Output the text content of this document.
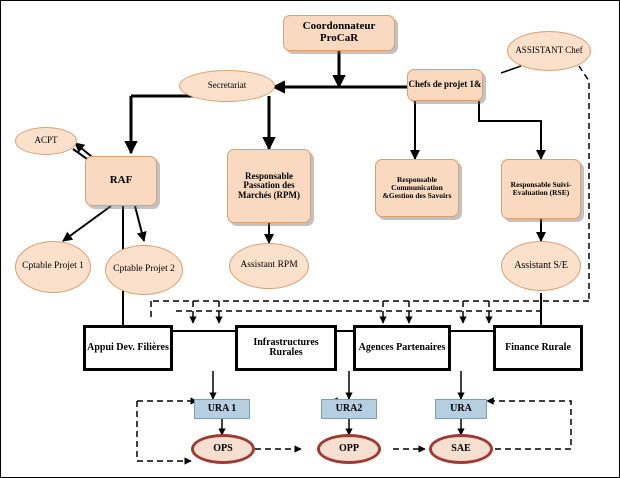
Coordonnateur ProCaR
ASSISTANT Chef
Secretariat	Chefs de projet 1&
ACPT
RAF	Responsable Passation des Marchés (RPM)
Responsable Communication &Gestion des Savoirs
Responsable Suivi-Evaluation (RSE)
Cptable Projet 1	Cptable Projet 2	Assistant RPM	Assistant S/E
Appui Dev. Filières	Infrastructures Rurales	Agences Partenaires	Finance Rurale
URA 1	URA2	URA
OPS	OPP	SAE
